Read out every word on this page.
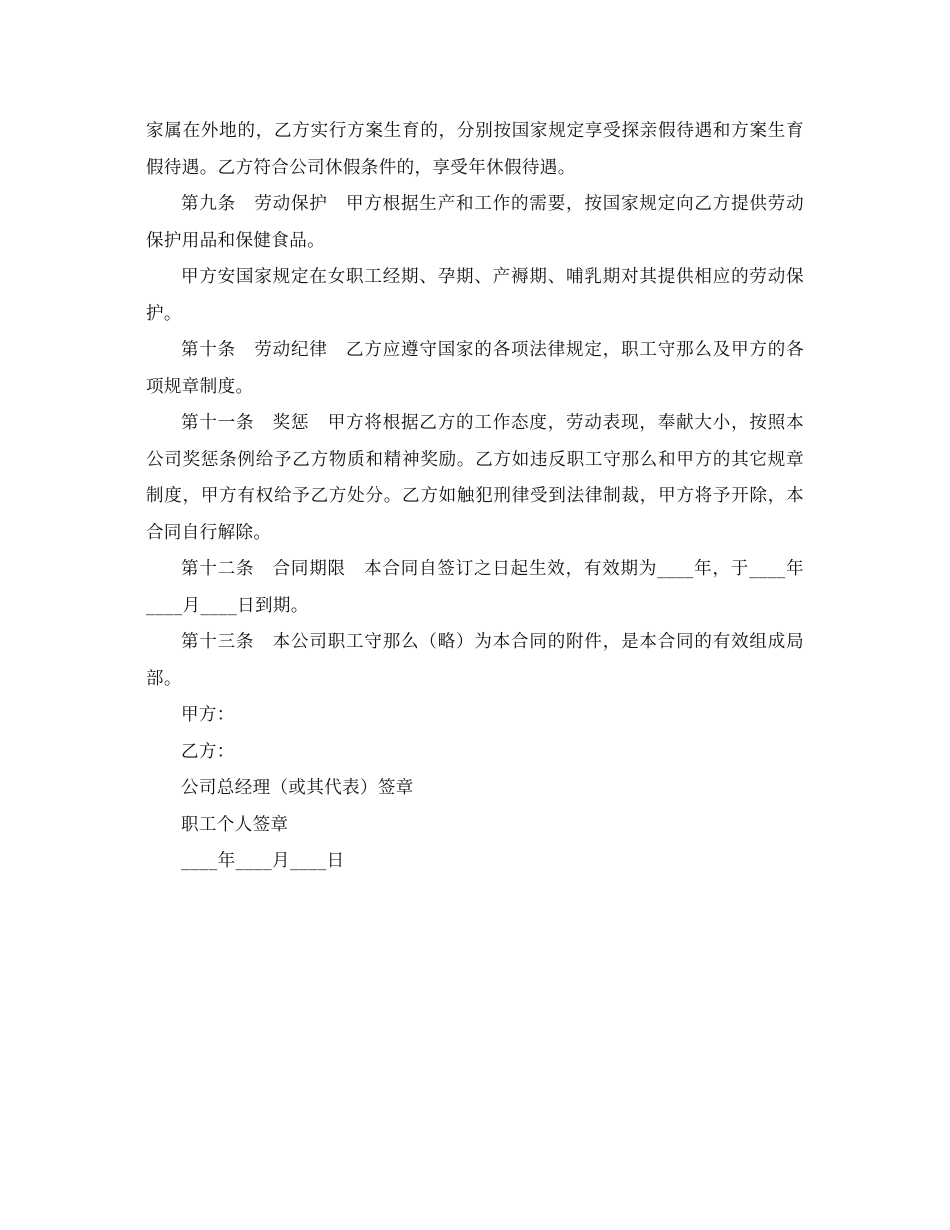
家属在外地的，乙方实行方案生育的，分别按国家规定享受探亲假待遇和方案生育假待遇。乙方符合公司休假条件的，享受年休假待遇。

第九条　劳动保护　甲方根据生产和工作的需要，按国家规定向乙方提供劳动保护用品和保健食品。

甲方安国家规定在女职工经期、孕期、产褥期、哺乳期对其提供相应的劳动保护。

第十条　劳动纪律　乙方应遵守国家的各项法律规定，职工守那么及甲方的各项规章制度。

第十一条　奖惩　甲方将根据乙方的工作态度，劳动表现，奉献大小，按照本公司奖惩条例给予乙方物质和精神奖励。乙方如违反职工守那么和甲方的其它规章制度，甲方有权给予乙方处分。乙方如触犯刑律受到法律制裁，甲方将予开除，本合同自行解除。

第十二条　合同期限　本合同自签订之日起生效，有效期为____年，于____年____月____日到期。

第十三条　本公司职工守那么（略）为本合同的附件，是本合同的有效组成局部。

甲方：

乙方：

公司总经理（或其代表）签章

职工个人签章

____年____月____日
